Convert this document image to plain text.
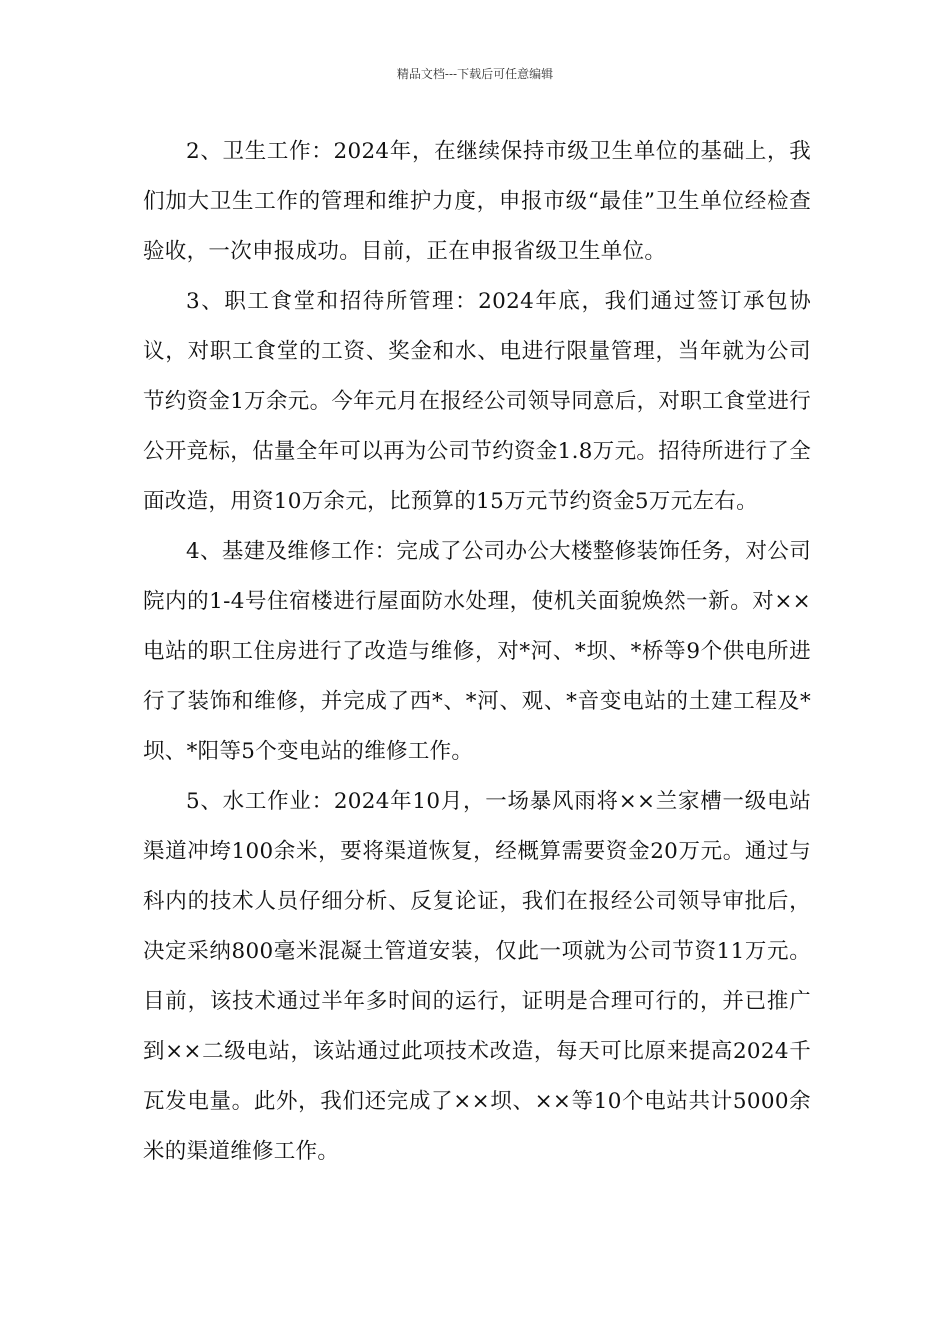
精品文档---下载后可任意编辑

2、卫生工作：2024年，在继续保持市级卫生单位的基础上，我们加大卫生工作的管理和维护力度，申报市级“最佳”卫生单位经检查验收，一次申报成功。目前，正在申报省级卫生单位。

3、职工食堂和招待所管理：2024年底，我们通过签订承包协议，对职工食堂的工资、奖金和水、电进行限量管理，当年就为公司节约资金1万余元。今年元月在报经公司领导同意后，对职工食堂进行公开竞标，估量全年可以再为公司节约资金1.8万元。招待所进行了全面改造，用资10万余元，比预算的15万元节约资金5万元左右。

4、基建及维修工作：完成了公司办公大楼整修装饰任务，对公司院内的1-4号住宿楼进行屋面防水处理，使机关面貌焕然一新。对××电站的职工住房进行了改造与维修，对*河、*坝、*桥等9个供电所进行了装饰和维修，并完成了西*、*河、观、*音变电站的土建工程及*坝、*阳等5个变电站的维修工作。

5、水工作业：2024年10月，一场暴风雨将××兰家槽一级电站渠道冲垮100余米，要将渠道恢复，经概算需要资金20万元。通过与科内的技术人员仔细分析、反复论证，我们在报经公司领导审批后，决定采纳800毫米混凝土管道安装，仅此一项就为公司节资11万元。目前，该技术通过半年多时间的运行，证明是合理可行的，并已推广到××二级电站，该站通过此项技术改造，每天可比原来提高2024千瓦发电量。此外，我们还完成了××坝、××等10个电站共计5000余米的渠道维修工作。
